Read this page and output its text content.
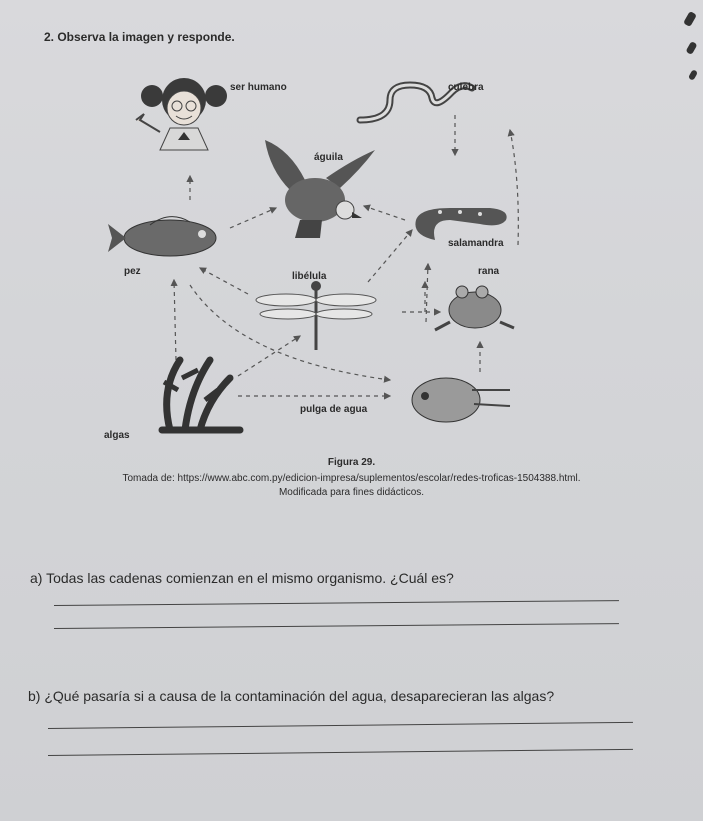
2. Observa la imagen y responde.
ser humano	culebra
águila
salamandra
pez	libélula	rana
algas
pulga de agua
Figura 29.
Tomada de: https://www.abc.com.py/edicion-impresa/suplementos/escolar/redes-troficas-1504388.html.
Modificada para fines didácticos.
a) Todas las cadenas comienzan en el mismo organismo. ¿Cuál es?
b) ¿Qué pasaría si a causa de la contaminación del agua, desaparecieran las algas?
